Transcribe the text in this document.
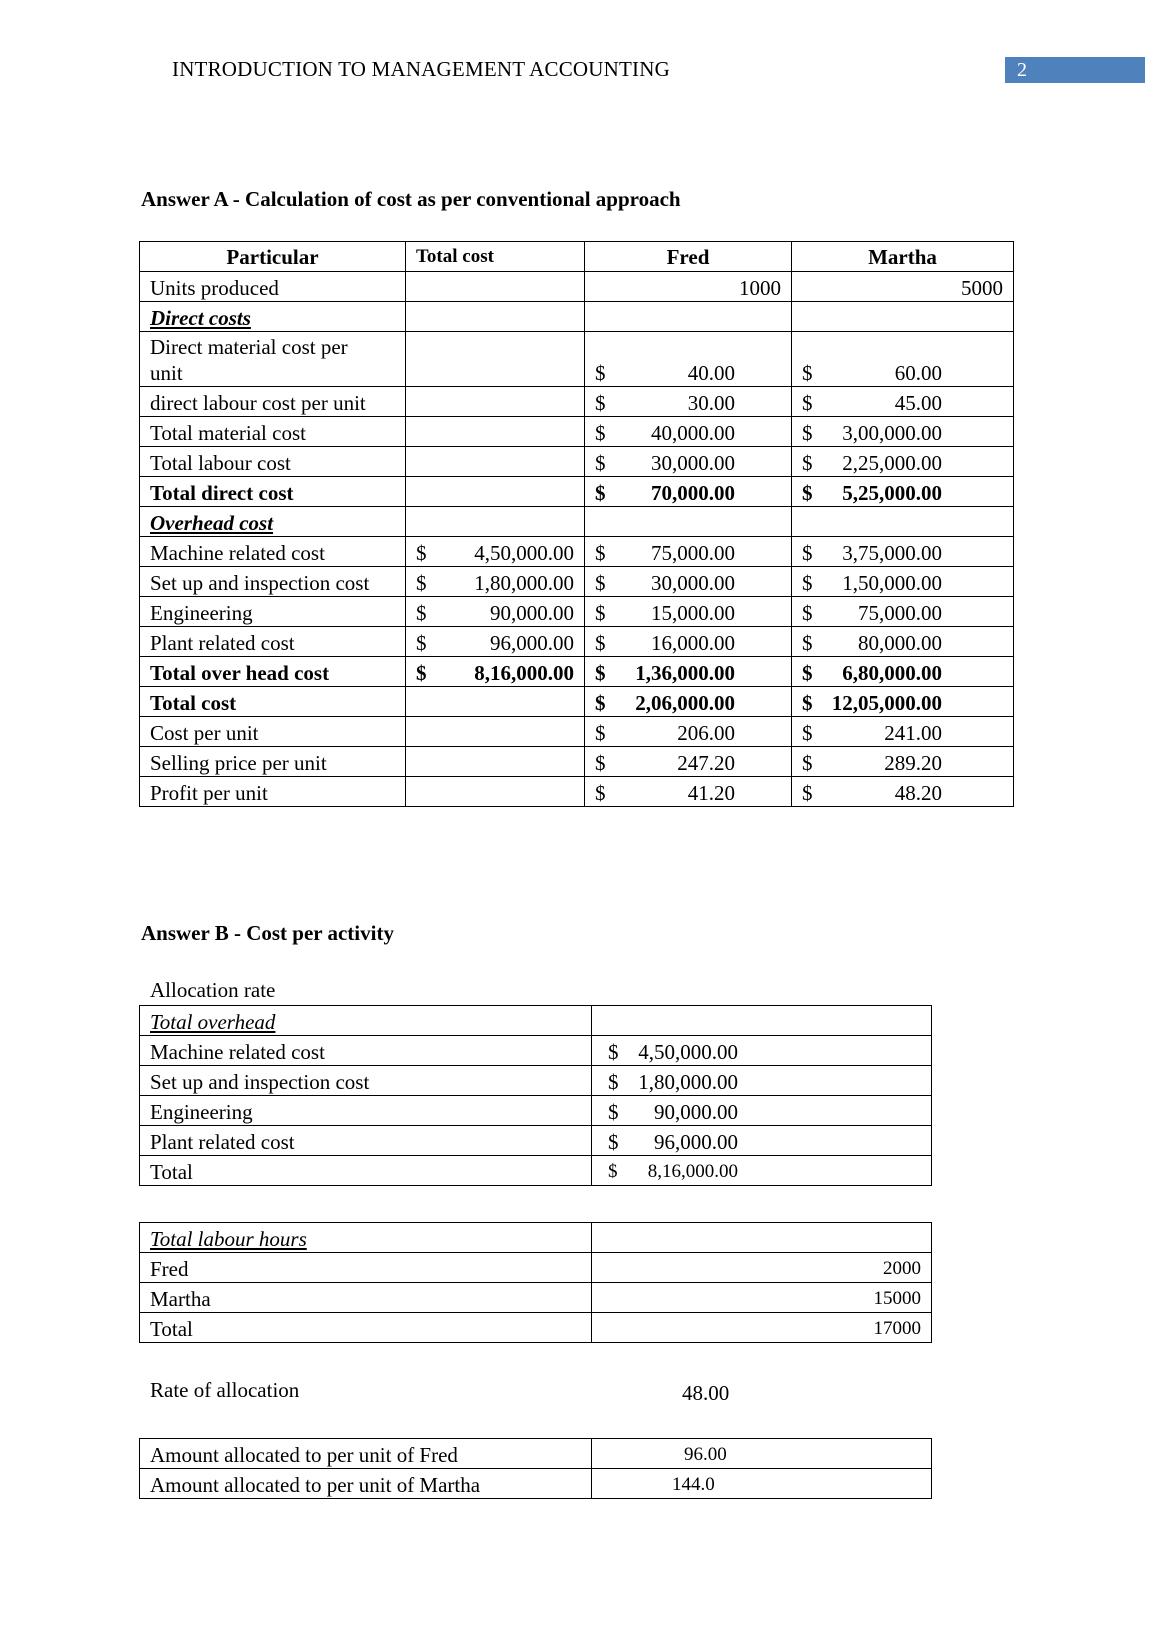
INTRODUCTION TO MANAGEMENT ACCOUNTING	2
Answer A - Calculation of cost as per conventional approach
Particular	Total cost	Fred	Martha
Units produced		1000	5000
Direct costs			
Direct material cost per
unit		$ 40.00	$ 60.00

direct labour cost per unit		$ 30.00	$ 45.00

Total material cost		$ 40,000.00	$ 3,00,000.00

Total labour cost		$ 30,000.00	$ 2,25,000.00

Total direct cost		$ 70,000.00	$ 5,25,000.00

Overhead cost			
Machine related cost	$ 4,50,000.00	$ 75,000.00	$ 3,75,000.00

Set up and inspection cost	$ 1,80,000.00	$ 30,000.00	$ 1,50,000.00

Engineering	$ 90,000.00	$ 15,000.00	$ 75,000.00

Plant related cost	$ 96,000.00	$ 16,000.00	$ 80,000.00

Total over head cost	$ 8,16,000.00	$ 1,36,000.00	$ 6,80,000.00

Total cost		$ 2,06,000.00	$ 12,05,000.00

Cost per unit		$ 206.00	$ 241.00

Selling price per unit		$ 247.20	$ 289.20

Profit per unit		$ 41.20	$ 48.20
Answer B - Cost per activity
Allocation rate
Total overhead	
Machine related cost	$ 4,50,000.00

Set up and inspection cost	$ 1,80,000.00

Engineering	$ 90,000.00

Plant related cost	$ 96,000.00

Total	$ 8,16,000.00
Total labour hours	
Fred	2000
Martha	15000
Total	17000
Rate of allocation	48.00
Amount allocated to per unit of Fred	96.00
Amount allocated to per unit of Martha	144.0
